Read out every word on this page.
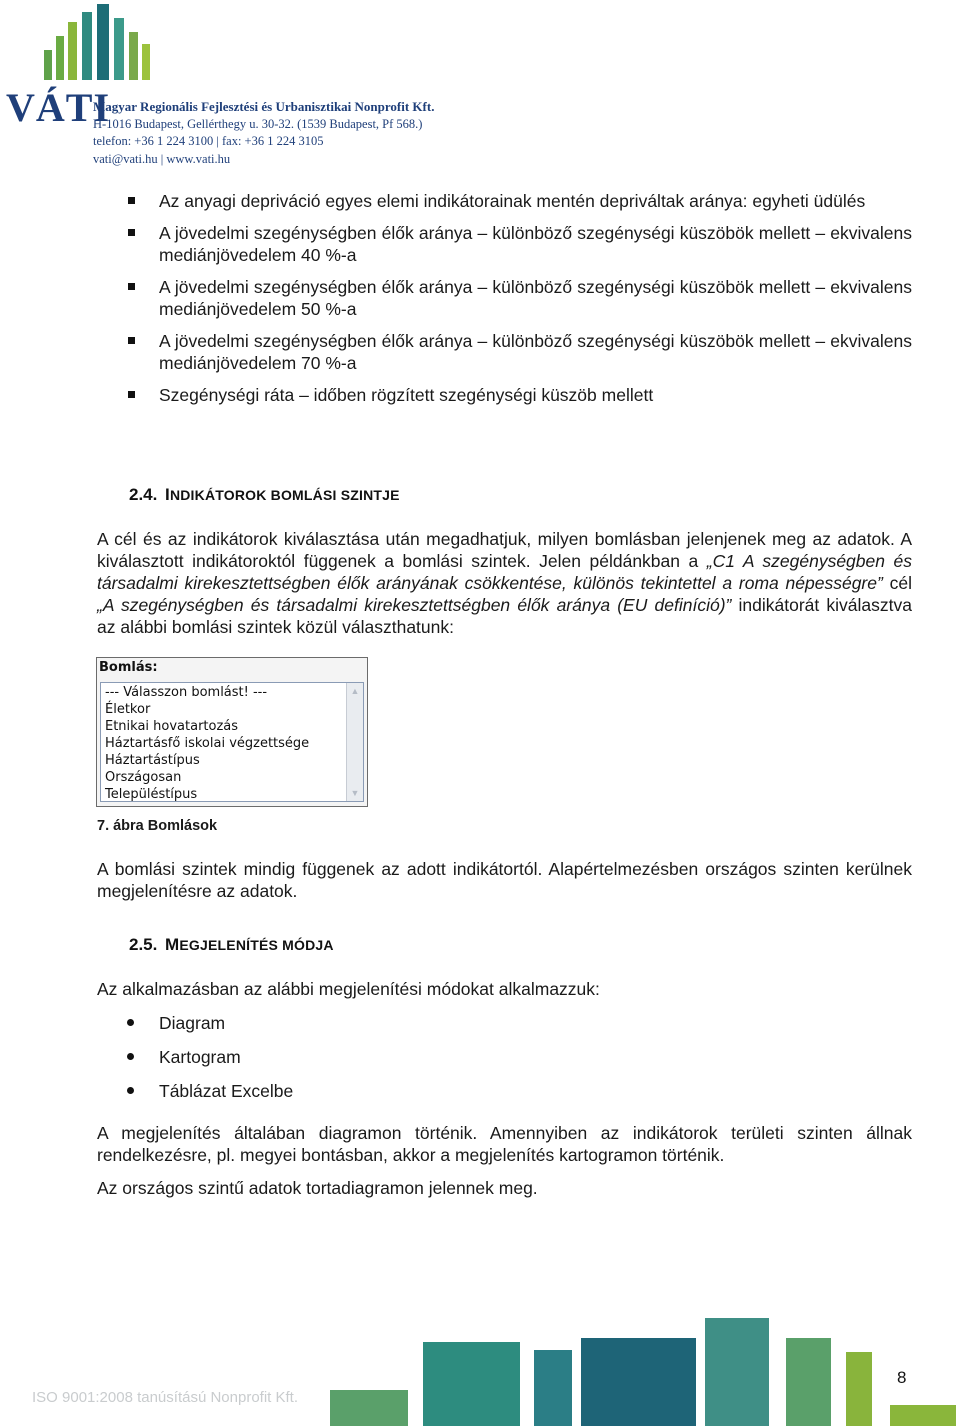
VÁTI
Magyar Regionális Fejlesztési és Urbanisztikai Nonprofit Kft.
H-1016 Budapest, Gellérthegy u. 30-32. (1539 Budapest, Pf 568.)
telefon: +36 1 224 3100 | fax: +36 1 224 3105
vati@vati.hu | www.vati.hu
Az anyagi depriváció egyes elemi indikátorainak mentén depriváltak aránya: egyheti üdülés
A jövedelmi szegénységben élők aránya – különböző szegénységi küszöbök mellett – ekvivalens mediánjövedelem 40 %-a
A jövedelmi szegénységben élők aránya – különböző szegénységi küszöbök mellett – ekvivalens mediánjövedelem 50 %-a
A jövedelmi szegénységben élők aránya – különböző szegénységi küszöbök mellett – ekvivalens mediánjövedelem 70 %-a
Szegénységi ráta – időben rögzített szegénységi küszöb mellett
2.4. INDIKÁTOROK BOMLÁSI SZINTJE

A cél és az indikátorok kiválasztása után megadhatjuk, milyen bomlásban jelenjenek meg az adatok. A kiválasztott indikátoroktól függenek a bomlási szintek. Jelen példánkban a „C1 A szegénységben és társadalmi kirekesztettségben élők arányának csökkentése, különös tekintettel a roma népességre” cél „A szegénységben és társadalmi kirekesztettségben élők aránya (EU definíció)” indikátorát kiválasztva az alábbi bomlási szintek közül választhatunk:

Bomlás:
--- Válasszon bomlást! ---
Életkor
Etnikai hovatartozás
Háztartásfő iskolai végzettsége
Háztartástípus
Országosan
Településtípus
▲
▼
7. ábra Bomlások

A bomlási szintek mindig függenek az adott indikátortól. Alapértelmezésben országos szinten kerülnek megjelenítésre az adatok.

2.5. MEGJELENÍTÉS MÓDJA

Az alkalmazásban az alábbi megjelenítési módokat alkalmazzuk:

Diagram
Kartogram
Táblázat Excelbe

A megjelenítés általában diagramon történik. Amennyiben az indikátorok területi szinten állnak rendelkezésre, pl. megyei bontásban, akkor a megjelenítés kartogramon történik.

Az országos szintű adatok tortadiagramon jelennek meg.

ISO 9001:2008 tanúsítású Nonprofit Kft.
8
